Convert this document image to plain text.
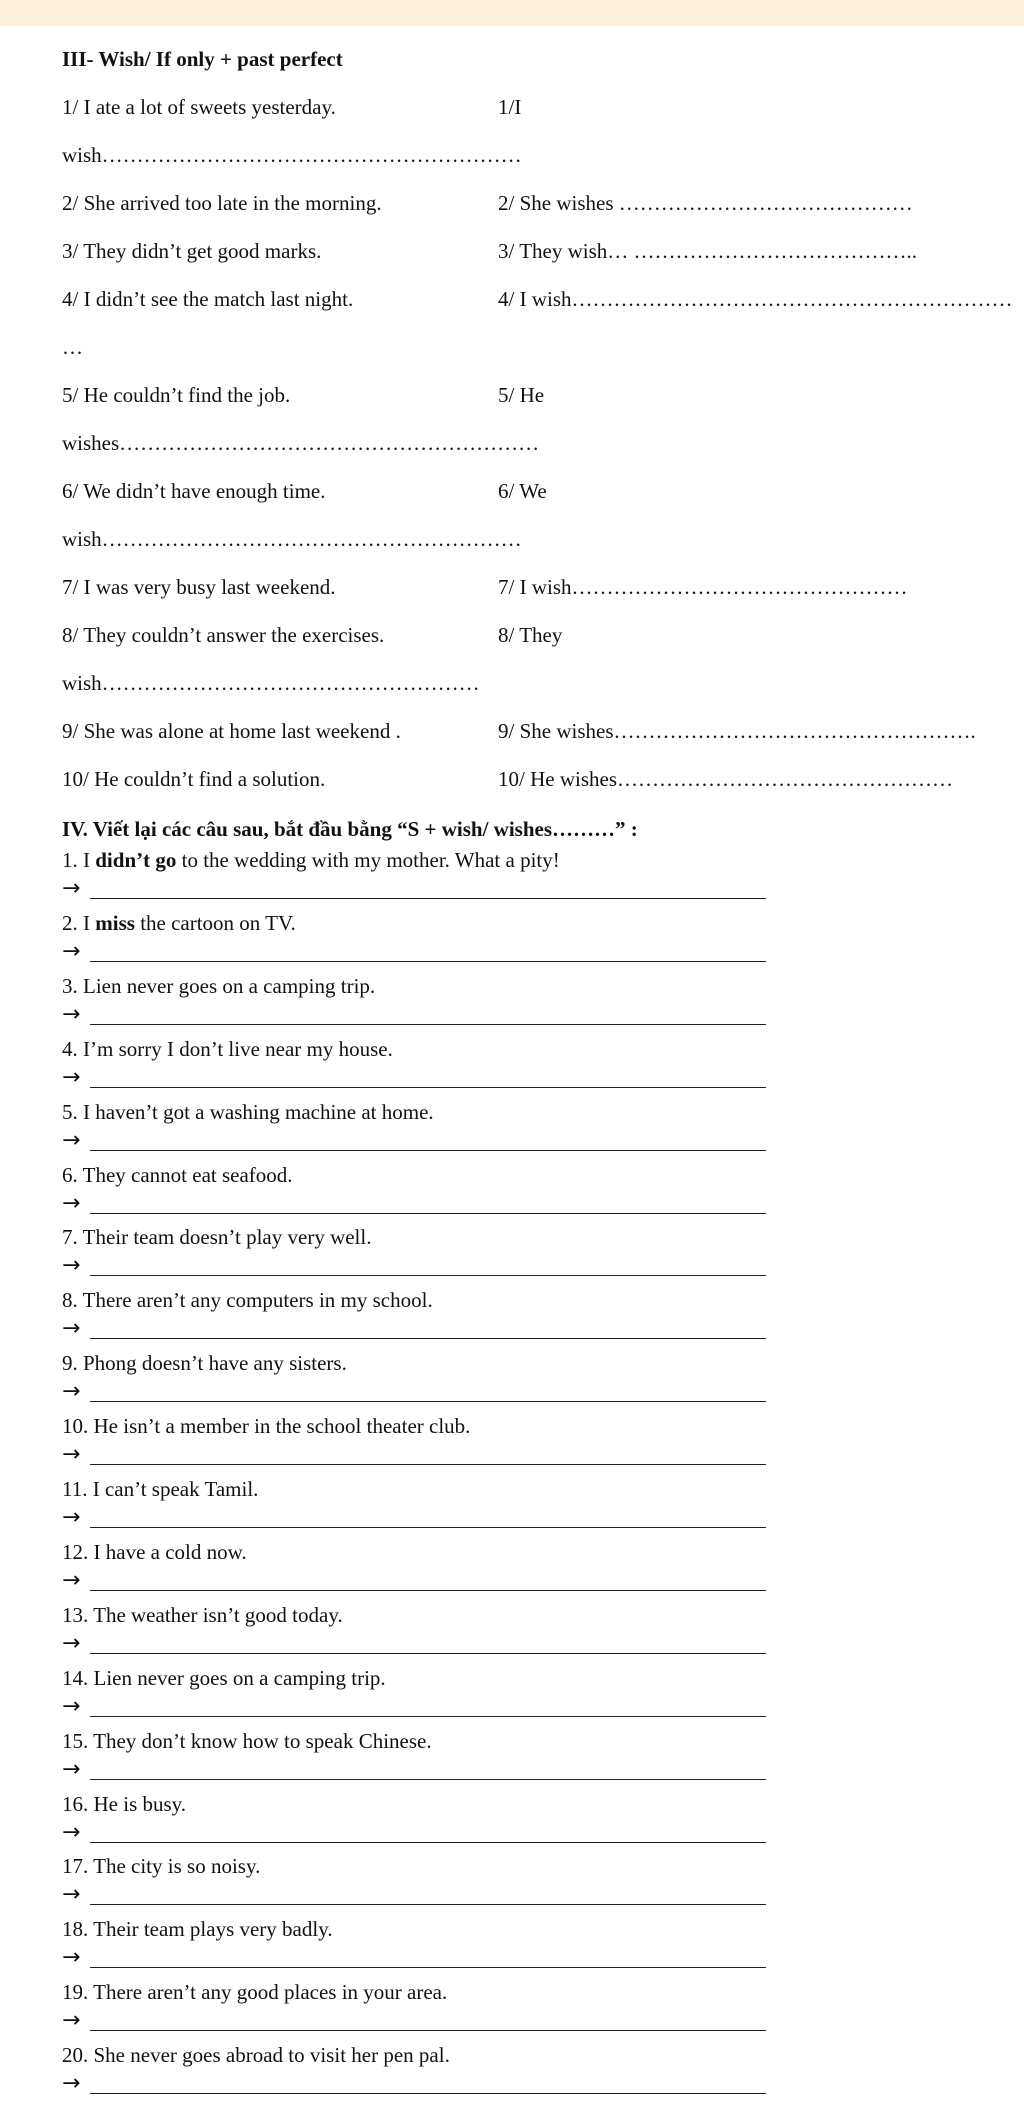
III- Wish/ If only + past perfect
1/ I ate a lot of sweets yesterday.	1/I
wish……………………………………………………
2/ She arrived too late in the morning.	2/ She wishes ……………………………………
3/ They didn’t get good marks.	3/ They wish… …………………………………..
4/ I didn’t see the match last night.	4/ I wish………………………………………………………
…
5/ He couldn’t find the job.	5/ He
wishes……………………………………………………
6/ We didn’t have enough time.	6/ We
wish……………………………………………………
7/ I was very busy last weekend.	7/ I wish…………………………………………
8/ They couldn’t answer the exercises.	8/ They
wish………………………………………………
9/ She was alone at home last weekend .	9/ She wishes…………………………………………….
10/ He couldn’t find a solution.	10/ He wishes…………………………………………
IV. Viết lại các câu sau, bắt đầu bằng “S + wish/ wishes………” :
1. I didn’t go to the wedding with my mother. What a pity!
→
2. I miss the cartoon on TV.
→
3. Lien never goes on a camping trip.
→
4. I’m sorry I don’t live near my house.
→
5. I haven’t got a washing machine at home.
→
6. They cannot eat seafood.
→
7. Their team doesn’t play very well.
→
8. There aren’t any computers in my school.
→
9. Phong doesn’t have any sisters.
→
10. He isn’t a member in the school theater club.
→
11. I can’t speak Tamil.
→
12. I have a cold now.
→
13. The weather isn’t good today.
→
14. Lien never goes on a camping trip.
→
15. They don’t know how to speak Chinese.
→
16. He is busy.
→
17. The city is so noisy.
→
18. Their team plays very badly.
→
19. There aren’t any good places in your area.
→
20. She never goes abroad to visit her pen pal.
→
